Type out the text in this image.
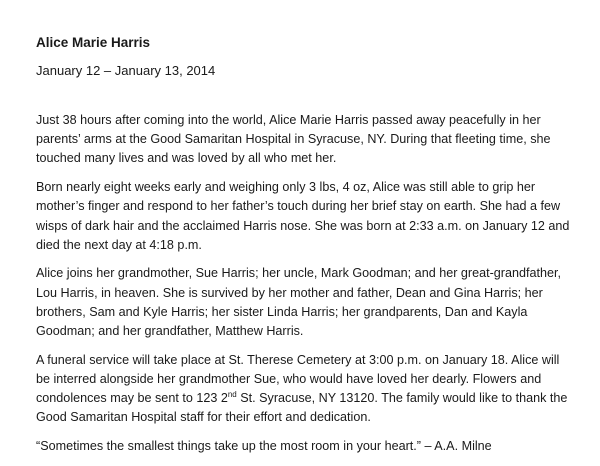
Alice Marie Harris

January 12 – January 13, 2014

Just 38 hours after coming into the world, Alice Marie Harris passed away peacefully in her parents’ arms at the Good Samaritan Hospital in Syracuse, NY. During that fleeting time, she touched many lives and was loved by all who met her.

Born nearly eight weeks early and weighing only 3 lbs, 4 oz, Alice was still able to grip her mother’s finger and respond to her father’s touch during her brief stay on earth. She had a few wisps of dark hair and the acclaimed Harris nose. She was born at 2:33 a.m. on January 12 and died the next day at 4:18 p.m.

Alice joins her grandmother, Sue Harris; her uncle, Mark Goodman; and her great-grandfather, Lou Harris, in heaven. She is survived by her mother and father, Dean and Gina Harris; her brothers, Sam and Kyle Harris; her sister Linda Harris; her grandparents, Dan and Kayla Goodman; and her grandfather, Matthew Harris.

A funeral service will take place at St. Therese Cemetery at 3:00 p.m. on January 18. Alice will be interred alongside her grandmother Sue, who would have loved her dearly. Flowers and condolences may be sent to 123 2nd St. Syracuse, NY 13120. The family would like to thank the Good Samaritan Hospital staff for their effort and dedication.

“Sometimes the smallest things take up the most room in your heart.” – A.A. Milne
